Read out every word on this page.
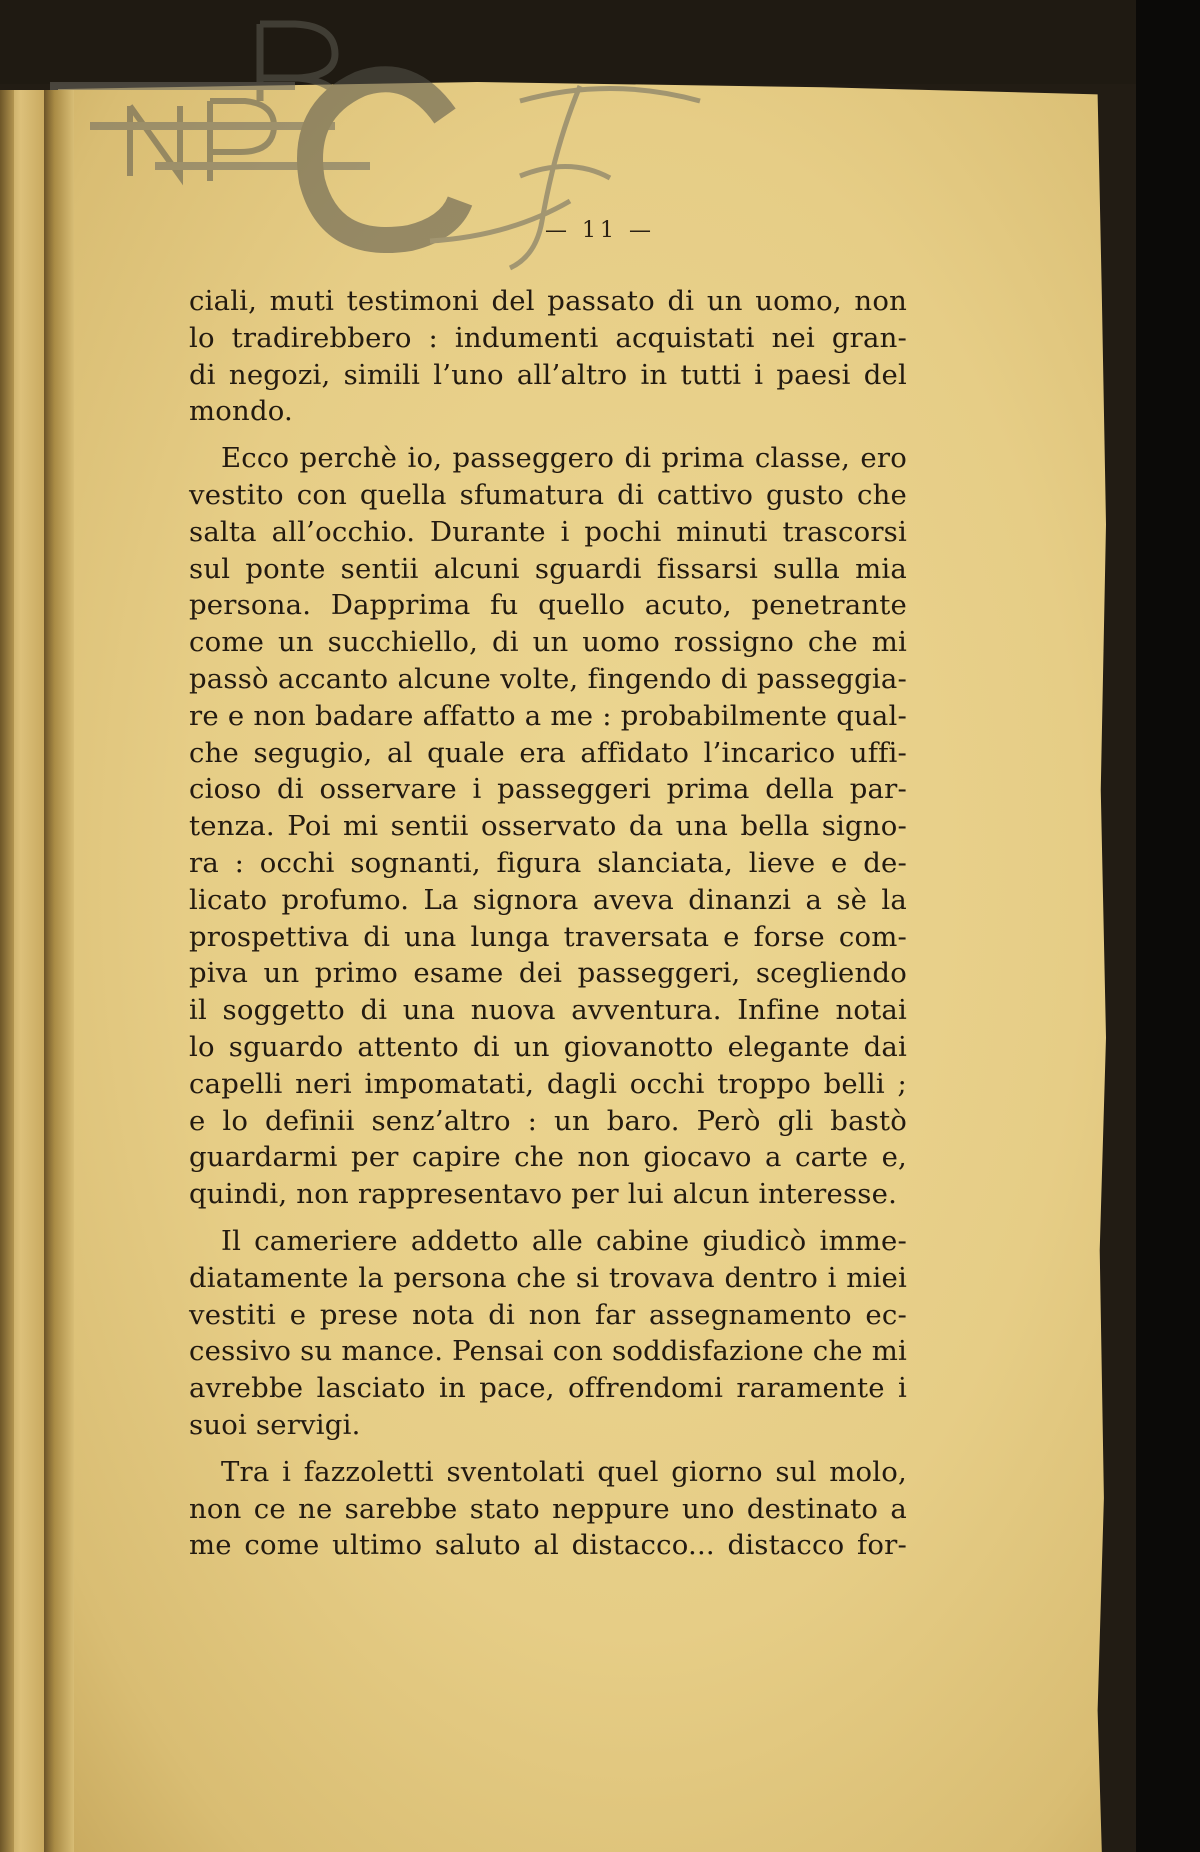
— 11 —

ciali, muti testimoni del passato di un uomo, non

lo tradirebbero : indumenti acquistati nei gran-

di negozi, simili l’uno all’altro in tutti i paesi del

mondo.

Ecco perchè io, passeggero di prima classe, ero

vestito con quella sfumatura di cattivo gusto che

salta all’occhio. Durante i pochi minuti trascorsi

sul ponte sentii alcuni sguardi fissarsi sulla mia

persona. Dapprima fu quello acuto, penetrante

come un succhiello, di un uomo rossigno che mi

passò accanto alcune volte, fingendo di passeggia-

re e non badare affatto a me : probabilmente qual-

che segugio, al quale era affidato l’incarico uffi-

cioso di osservare i passeggeri prima della par-

tenza. Poi mi sentii osservato da una bella signo-

ra : occhi sognanti, figura slanciata, lieve e de-

licato profumo. La signora aveva dinanzi a sè la

prospettiva di una lunga traversata e forse com-

piva un primo esame dei passeggeri, scegliendo

il soggetto di una nuova avventura. Infine notai

lo sguardo attento di un giovanotto elegante dai

capelli neri impomatati, dagli occhi troppo belli ;

e lo definii senz’altro : un baro. Però gli bastò

guardarmi per capire che non giocavo a carte e,

quindi, non rappresentavo per lui alcun interesse.

Il cameriere addetto alle cabine giudicò imme-

diatamente la persona che si trovava dentro i miei

vestiti e prese nota di non far assegnamento ec-

cessivo su mance. Pensai con soddisfazione che mi

avrebbe lasciato in pace, offrendomi raramente i

suoi servigi.

Tra i fazzoletti sventolati quel giorno sul molo,

non ce ne sarebbe stato neppure uno destinato a

me come ultimo saluto al distacco... distacco for-
